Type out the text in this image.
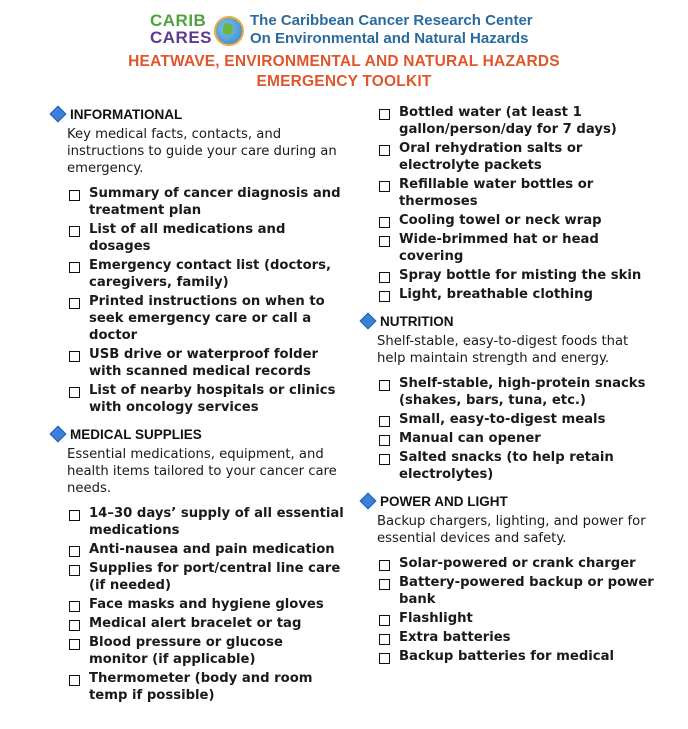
CARIB
CARES
The Caribbean Cancer Research Center
On Environmental and Natural Hazards
HEATWAVE, ENVIRONMENTAL AND NATURAL HAZARDS
EMERGENCY TOOLKIT
INFORMATIONAL
Key medical facts, contacts, and instructions to guide your care during an emergency.
Summary of cancer diagnosis and treatment plan
List of all medications and dosages
Emergency contact list (doctors, caregivers, family)
Printed instructions on when to seek emergency care or call a doctor
USB drive or waterproof folder with scanned medical records
List of nearby hospitals or clinics with oncology services
MEDICAL SUPPLIES
Essential medications, equipment, and health items tailored to your cancer care needs.
14–30 days’ supply of all essential medications
Anti-nausea and pain medication
Supplies for port/central line care (if needed)
Face masks and hygiene gloves
Medical alert bracelet or tag
Blood pressure or glucose monitor (if applicable)
Thermometer (body and room temp if possible)
Bottled water (at least 1 gallon/person/day for 7 days)
Oral rehydration salts or electrolyte packets
Refillable water bottles or thermoses
Cooling towel or neck wrap
Wide-brimmed hat or head covering
Spray bottle for misting the skin
Light, breathable clothing
NUTRITION
Shelf-stable, easy-to-digest foods that help maintain strength and energy.
Shelf-stable, high-protein snacks (shakes, bars, tuna, etc.)
Small, easy-to-digest meals
Manual can opener
Salted snacks (to help retain electrolytes)
POWER AND LIGHT
Backup chargers, lighting, and power for essential devices and safety.
Solar-powered or crank charger
Battery-powered backup or power bank
Flashlight
Extra batteries
Backup batteries for medical
